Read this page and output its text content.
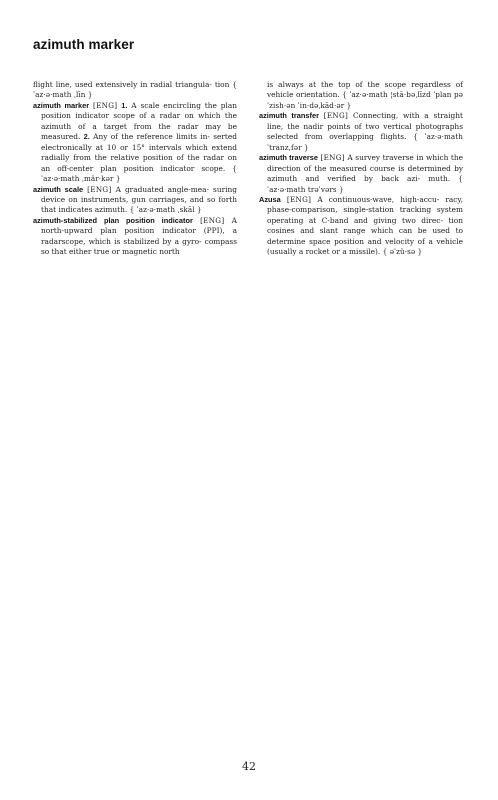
azimuth marker

flight line, used extensively in radial triangula- tion { ˈaz·ə·math ˌlīn }

azimuth marker [ENG] 1. A scale encircling the plan position indicator scope of a radar on which the azimuth of a target from the radar may be measured. 2. Any of the reference limits in- serted electronically at 10 or 15° intervals which extend radially from the relative position of the radar on an off-center plan position indicator scope. { ˈaz·ə·math ˌmär·kər }

azimuth scale [ENG] A graduated angle-mea- suring device on instruments, gun carriages, and so forth that indicates azimuth. { ˈaz·ə·math ˌskāl }

azimuth-stabilized plan position indicator [ENG] A north-upward plan position indicator (PPI), a radarscope, which is stabilized by a gyro- compass so that either true or magnetic north

is always at the top of the scope regardless of vehicle orientation. { ˈaz·ə·math ¦stā·bəˌlīzd ˈplan pəˈzish·ən ˈin·dəˌkād·ər }

azimuth transfer [ENG] Connecting, with a straight line, the nadir points of two vertical photographs selected from overlapping flights. { ˈaz·ə·math ˈtranz,fər }

azimuth traverse [ENG] A survey traverse in which the direction of the measured course is determined by azimuth and verified by back azi- muth. { ˈaz·ə·math trəˈvərs }

Azusa [ENG] A continuous-wave, high-accu- racy, phase-comparison, single-station tracking system operating at C-band and giving two direc- tion cosines and slant range which can be used to determine space position and velocity of a vehicle (usually a rocket or a missile). { əˈzü·sə }

42
